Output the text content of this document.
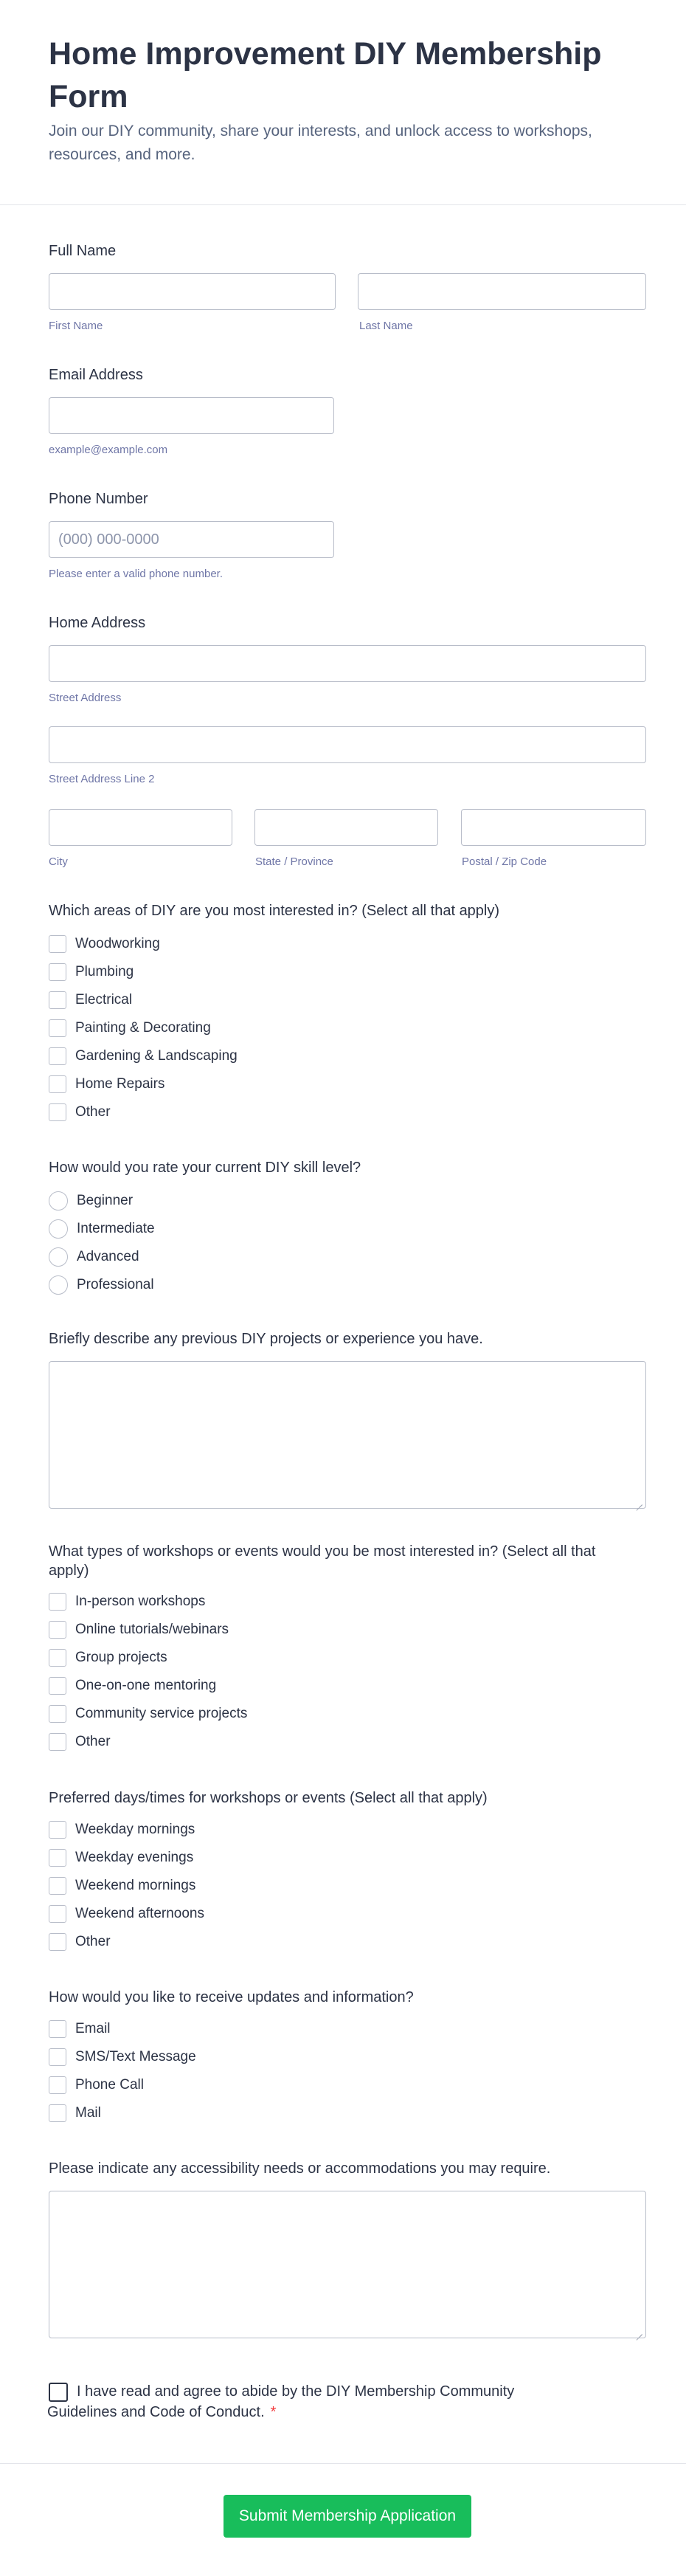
Home Improvement DIY Membership Form

Join our DIY community, share your interests, and unlock access to workshops, resources, and more.

Full Name
First Name	Last Name
Email Address
example@example.com
Phone Number
(000) 000-0000
Please enter a valid phone number.
Home Address
Street Address
Street Address Line 2
City	State / Province	Postal / Zip Code
Which areas of DIY are you most interested in? (Select all that apply)
Woodworking
Plumbing
Electrical
Painting & Decorating
Gardening & Landscaping
Home Repairs
Other
How would you rate your current DIY skill level?
Beginner
Intermediate
Advanced
Professional
Briefly describe any previous DIY projects or experience you have.
What types of workshops or events would you be most interested in? (Select all that
apply)
In-person workshops
Online tutorials/webinars
Group projects
One-on-one mentoring
Community service projects
Other
Preferred days/times for workshops or events (Select all that apply)
Weekday mornings
Weekday evenings
Weekend mornings
Weekend afternoons
Other
How would you like to receive updates and information?
Email
SMS/Text Message
Phone Call
Mail
Please indicate any accessibility needs or accommodations you may require.
I have read and agree to abide by the DIY Membership Community
Guidelines and Code of Conduct. *
Submit Membership Application
